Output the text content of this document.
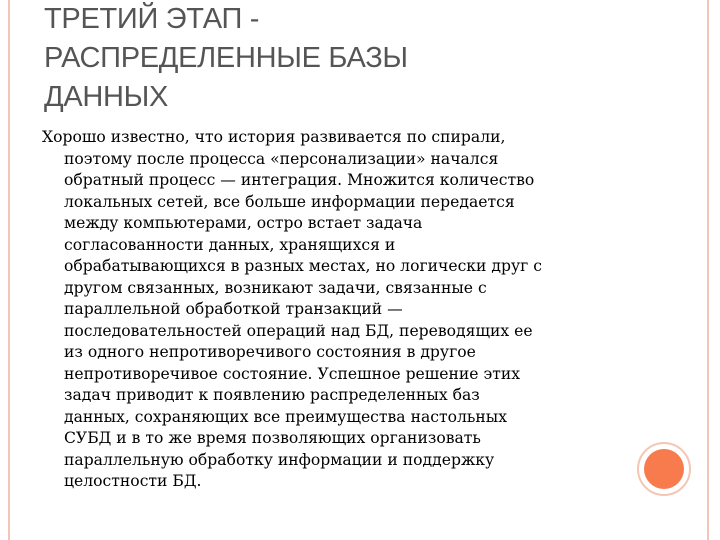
ТРЕТИЙ ЭТАП -
РАСПРЕДЕЛЕННЫЕ БАЗЫ
ДАННЫХ

Хорошо известно, что история развивается по спирали,
поэтому после процесса «персонализации» начался
обратный процесс — интеграция. Множится количество
локальных сетей, все больше информации передается
между компьютерами, остро встает задача
согласованности данных, хранящихся и
обрабатывающихся в разных местах, но логически друг с
другом связанных, возникают задачи, связанные с
параллельной обработкой транзакций —
последовательностей операций над БД, переводящих ее
из одного непротиворечивого состояния в другое
непротиворечивое состояние. Успешное решение этих
задач приводит к появлению распределенных баз
данных, сохраняющих все преимущества настольных
СУБД и в то же время позволяющих организовать
параллельную обработку информации и поддержку
целостности БД.
